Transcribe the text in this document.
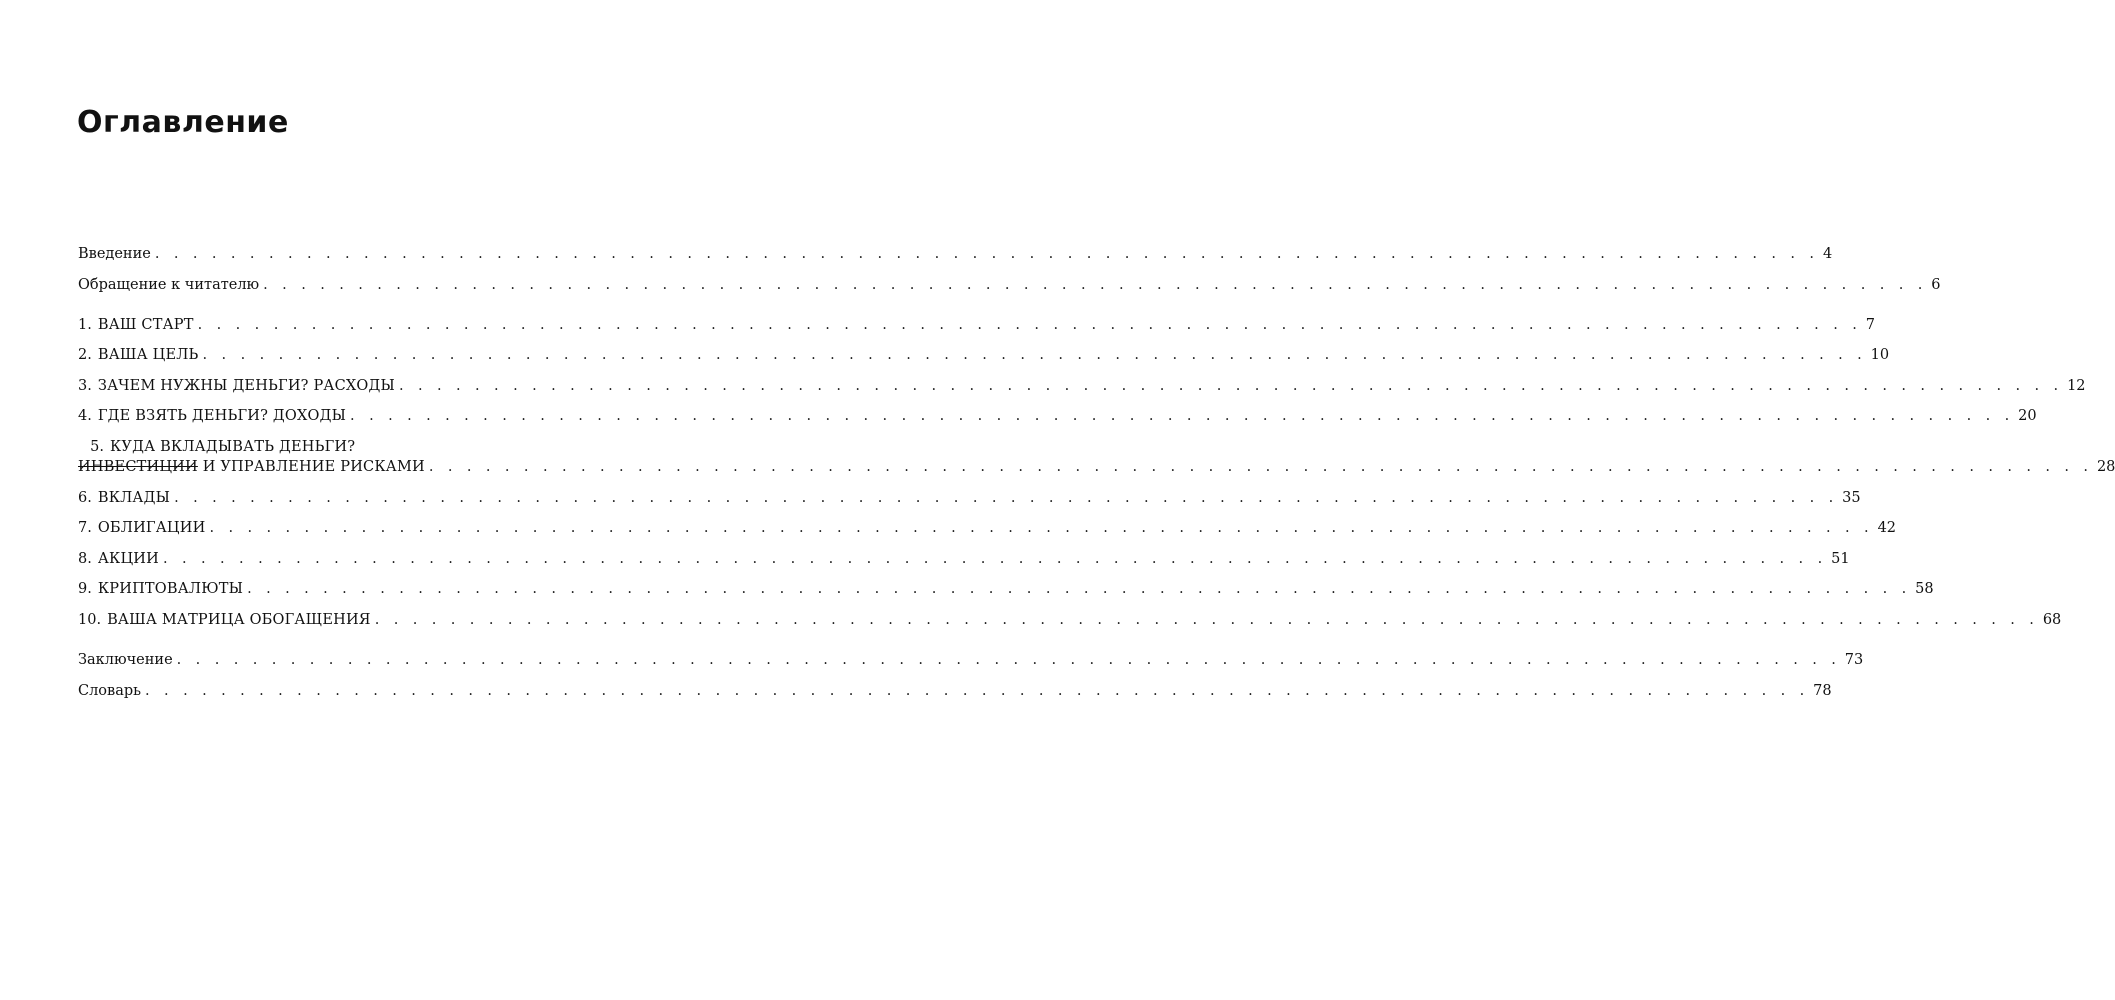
Оглавление
Введение . . . . . . . . . . . . . . . . . . . . . . . . . . . . . . . . . . . . . . . . . . . . . . . . . . . . . . . . . . . . . . . . . . . . . . . . . . . . . . . . . . . . . . . . 4
Обращение к читателю . . . . . . . . . . . . . . . . . . . . . . . . . . . . . . . . . . . . . . . . . . . . . . . . . . . . . . . . . . . . . . . . . . . . . . . . . . . . . . . . . . . . . . . . 6
1. ВАШ СТАРТ . . . . . . . . . . . . . . . . . . . . . . . . . . . . . . . . . . . . . . . . . . . . . . . . . . . . . . . . . . . . . . . . . . . . . . . . . . . . . . . . . . . . . . . . 7
2. ВАША ЦЕЛЬ . . . . . . . . . . . . . . . . . . . . . . . . . . . . . . . . . . . . . . . . . . . . . . . . . . . . . . . . . . . . . . . . . . . . . . . . . . . . . . . . . . . . . . . . 10
3. ЗАЧЕМ НУЖНЫ ДЕНЬГИ? РАСХОДЫ . . . . . . . . . . . . . . . . . . . . . . . . . . . . . . . . . . . . . . . . . . . . . . . . . . . . . . . . . . . . . . . . . . . . . . . . . . . . . . . . . . . . . . . . 12
4. ГДЕ ВЗЯТЬ ДЕНЬГИ? ДОХОДЫ . . . . . . . . . . . . . . . . . . . . . . . . . . . . . . . . . . . . . . . . . . . . . . . . . . . . . . . . . . . . . . . . . . . . . . . . . . . . . . . . . . . . . . . . 20
5. КУДА ВКЛАДЫВАТЬ ДЕНЬГИ?
ИНВЕСТИЦИИ И УПРАВЛЕНИЕ РИСКАМИ . . . . . . . . . . . . . . . . . . . . . . . . . . . . . . . . . . . . . . . . . . . . . . . . . . . . . . . . . . . . . . . . . . . . . . . . . . . . . . . . . . . . . . . . 28
6. ВКЛАДЫ . . . . . . . . . . . . . . . . . . . . . . . . . . . . . . . . . . . . . . . . . . . . . . . . . . . . . . . . . . . . . . . . . . . . . . . . . . . . . . . . . . . . . . . . 35
7. ОБЛИГАЦИИ . . . . . . . . . . . . . . . . . . . . . . . . . . . . . . . . . . . . . . . . . . . . . . . . . . . . . . . . . . . . . . . . . . . . . . . . . . . . . . . . . . . . . . . . 42
8. АКЦИИ . . . . . . . . . . . . . . . . . . . . . . . . . . . . . . . . . . . . . . . . . . . . . . . . . . . . . . . . . . . . . . . . . . . . . . . . . . . . . . . . . . . . . . . . 51
9. КРИПТОВАЛЮТЫ . . . . . . . . . . . . . . . . . . . . . . . . . . . . . . . . . . . . . . . . . . . . . . . . . . . . . . . . . . . . . . . . . . . . . . . . . . . . . . . . . . . . . . . . 58
10. ВАША МАТРИЦА ОБОГАЩЕНИЯ . . . . . . . . . . . . . . . . . . . . . . . . . . . . . . . . . . . . . . . . . . . . . . . . . . . . . . . . . . . . . . . . . . . . . . . . . . . . . . . . . . . . . . . . 68
Заключение . . . . . . . . . . . . . . . . . . . . . . . . . . . . . . . . . . . . . . . . . . . . . . . . . . . . . . . . . . . . . . . . . . . . . . . . . . . . . . . . . . . . . . . . 73
Словарь . . . . . . . . . . . . . . . . . . . . . . . . . . . . . . . . . . . . . . . . . . . . . . . . . . . . . . . . . . . . . . . . . . . . . . . . . . . . . . . . . . . . . . . . 78
